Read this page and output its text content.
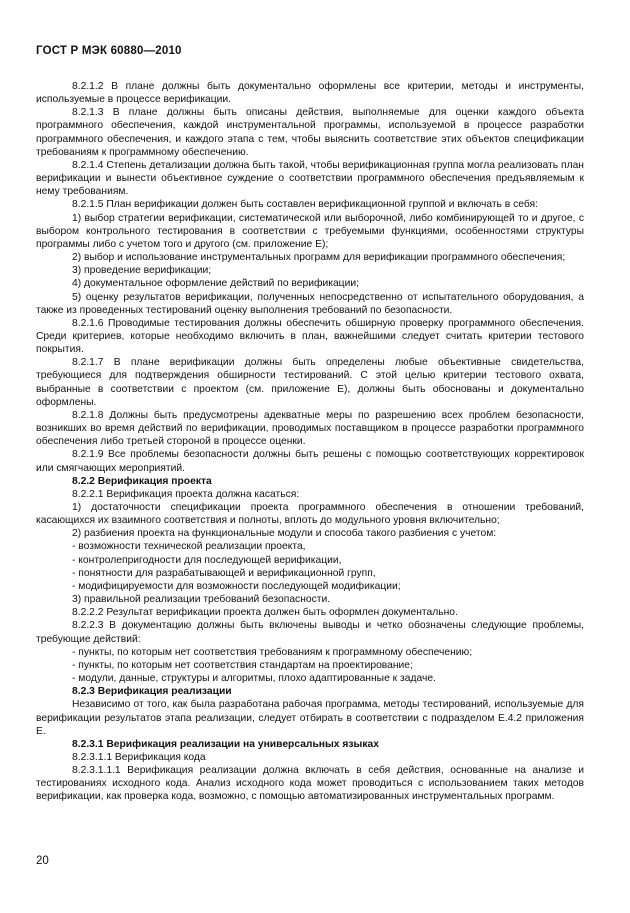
ГОСТ Р МЭК 60880—2010

8.2.1.2 В плане должны быть документально оформлены все критерии, методы и инструменты, используемые в процессе верификации.

8.2.1.3 В плане должны быть описаны действия, выполняемые для оценки каждого объекта программного обеспечения, каждой инструментальной программы, используемой в процессе разработки программного обеспечения, и каждого этапа с тем, чтобы выяснить соответствие этих объектов спецификации требованиям к программному обеспечению.

8.2.1.4 Степень детализации должна быть такой, чтобы верификационная группа могла реализовать план верификации и вынести объективное суждение о соответствии программного обеспечения предъявляемым к нему требованиям.

8.2.1.5 План верификации должен быть составлен верификационной группой и включать в себя:

1) выбор стратегии верификации, систематической или выборочной, либо комбинирующей то и другое, с выбором контрольного тестирования в соответствии с требуемыми функциями, особенностями структуры программы либо с учетом того и другого (см. приложение Е);

2) выбор и использование инструментальных программ для верификации программного обеспечения;

3) проведение верификации;

4) документальное оформление действий по верификации;

5) оценку результатов верификации, полученных непосредственно от испытательного оборудования, а также из проведенных тестирований оценку выполнения требований по безопасности.

8.2.1.6 Проводимые тестирования должны обеспечить обширную проверку программного обеспечения. Среди критериев, которые необходимо включить в план, важнейшими следует считать критерии тестового покрытия.

8.2.1.7 В плане верификации должны быть определены любые объективные свидетельства, требующиеся для подтверждения обширности тестирований. С этой целью критерии тестового охвата, выбранные в соответствии с проектом (см. приложение Е), должны быть обоснованы и документально оформлены.

8.2.1.8 Должны быть предусмотрены адекватные меры по разрешению всех проблем безопасности, возникших во время действий по верификации, проводимых поставщиком в процессе разработки программного обеспечения либо третьей стороной в процессе оценки.

8.2.1.9 Все проблемы безопасности должны быть решены с помощью соответствующих корректировок или смягчающих мероприятий.

8.2.2 Верификация проекта

8.2.2.1 Верификация проекта должна касаться:

1) достаточности спецификации проекта программного обеспечения в отношении требований, касающихся их взаимного соответствия и полноты, вплоть до модульного уровня включительно;

2) разбиения проекта на функциональные модули и способа такого разбиения с учетом:

- возможности технической реализации проекта,

- контролепригодности для последующей верификации,

- понятности для разрабатывающей и верификационной групп,

- модифицируемости для возможности последующей модификации;

3) правильной реализации требований безопасности.

8.2.2.2 Результат верификации проекта должен быть оформлен документально.

8.2.2.3 В документацию должны быть включены выводы и четко обозначены следующие проблемы, требующие действий:

- пункты, по которым нет соответствия требованиям к программному обеспечению;

- пункты, по которым нет соответствия стандартам на проектирование;

- модули, данные, структуры и алгоритмы, плохо адаптированные к задаче.

8.2.3 Верификация реализации

Независимо от того, как была разработана рабочая программа, методы тестирований, используемые для верификации результатов этапа реализации, следует отбирать в соответствии с подразделом Е.4.2 приложения Е.

8.2.3.1 Верификация реализации на универсальных языках

8.2.3.1.1 Верификация кода

8.2.3.1.1.1 Верификация реализации должна включать в себя действия, основанные на анализе и тестированиях исходного кода. Анализ исходного кода может проводиться с использованием таких методов верификации, как проверка кода, возможно, с помощью автоматизированных инструментальных программ.

20
